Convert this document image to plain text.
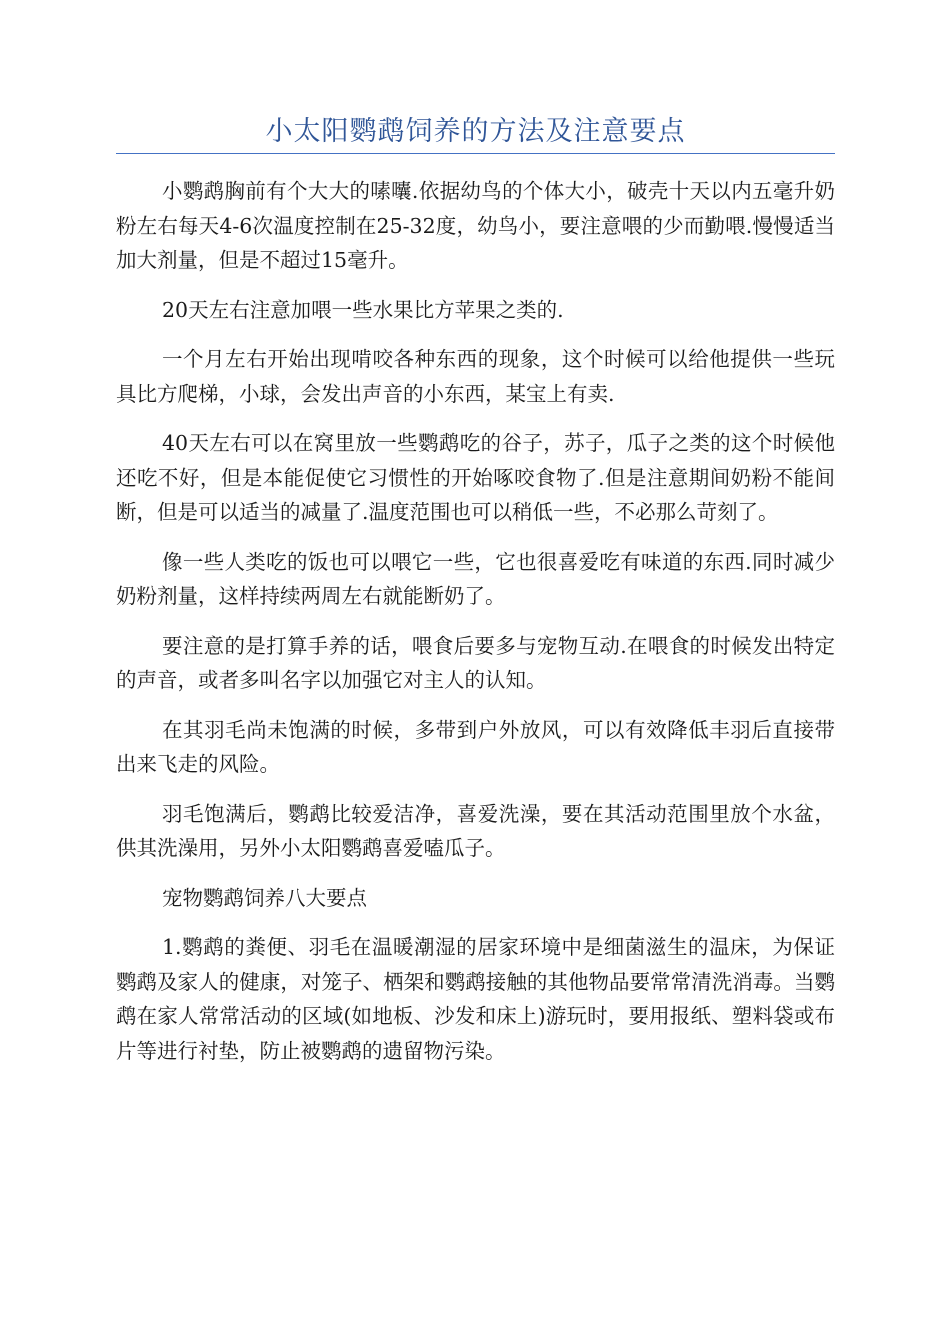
小太阳鹦鹉饲养的方法及注意要点

小鹦鹉胸前有个大大的嗉囔.依据幼鸟的个体大小，破壳十天以内五毫升奶粉左右每天4-6次温度控制在25-32度，幼鸟小，要注意喂的少而勤喂.慢慢适当加大剂量，但是不超过15毫升。

20天左右注意加喂一些水果比方苹果之类的.

一个月左右开始出现啃咬各种东西的现象，这个时候可以给他提供一些玩具比方爬梯，小球，会发出声音的小东西，某宝上有卖.

40天左右可以在窝里放一些鹦鹉吃的谷子，苏子，瓜子之类的这个时候他还吃不好，但是本能促使它习惯性的开始啄咬食物了.但是注意期间奶粉不能间断，但是可以适当的减量了.温度范围也可以稍低一些，不必那么苛刻了。

像一些人类吃的饭也可以喂它一些，它也很喜爱吃有味道的东西.同时减少奶粉剂量，这样持续两周左右就能断奶了。

要注意的是打算手养的话，喂食后要多与宠物互动.在喂食的时候发出特定的声音，或者多叫名字以加强它对主人的认知。

在其羽毛尚未饱满的时候，多带到户外放风，可以有效降低丰羽后直接带出来飞走的风险。

羽毛饱满后，鹦鹉比较爱洁净，喜爱洗澡，要在其活动范围里放个水盆，供其洗澡用，另外小太阳鹦鹉喜爱嗑瓜子。

宠物鹦鹉饲养八大要点

1.鹦鹉的粪便、羽毛在温暖潮湿的居家环境中是细菌滋生的温床，为保证鹦鹉及家人的健康，对笼子、栖架和鹦鹉接触的其他物品要常常清洗消毒。当鹦鹉在家人常常活动的区域(如地板、沙发和床上)游玩时，要用报纸、塑料袋或布片等进行衬垫，防止被鹦鹉的遗留物污染。
